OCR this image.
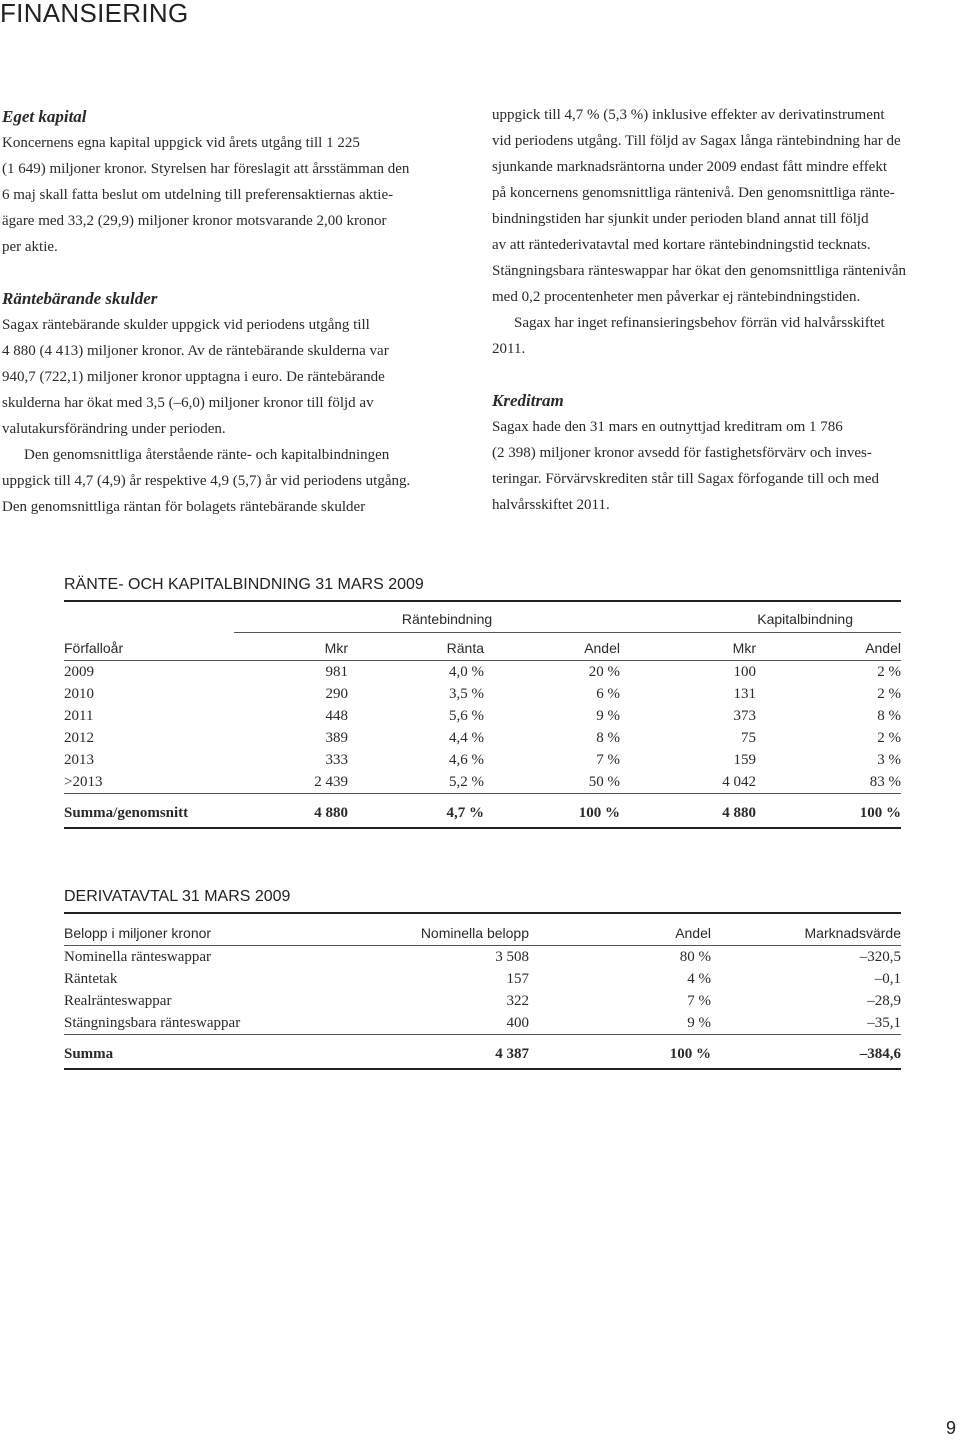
FINANSIERING
Eget kapital

Koncernens egna kapital uppgick vid årets utgång till 1 225

(1 649) miljoner kronor. Styrelsen har föreslagit att årsstämman den

6 maj skall fatta beslut om utdelning till preferensaktiernas aktie-

ägare med 33,2 (29,9) miljoner kronor motsvarande 2,00 kronor

per aktie.

Räntebärande skulder

Sagax räntebärande skulder uppgick vid periodens utgång till

4 880 (4 413) miljoner kronor. Av de räntebärande skulderna var

940,7 (722,1) miljoner kronor upptagna i euro. De räntebärande

skulderna har ökat med 3,5 (–6,0) miljoner kronor till följd av

valutakursförändring under perioden.

Den genomsnittliga återstående ränte- och kapitalbindningen

uppgick till 4,7 (4,9) år respektive 4,9 (5,7) år vid periodens utgång.

Den genomsnittliga räntan för bolagets räntebärande skulder

uppgick till 4,7 % (5,3 %) inklusive effekter av derivatinstrument

vid periodens utgång. Till följd av Sagax långa räntebindning har de

sjunkande marknadsräntorna under 2009 endast fått mindre effekt

på koncernens genomsnittliga räntenivå. Den genomsnittliga ränte-

bindningstiden har sjunkit under perioden bland annat till följd

av att räntederivatavtal med kortare räntebindningstid tecknats.

Stängningsbara ränteswappar har ökat den genomsnittliga räntenivån

med 0,2 procentenheter men påverkar ej räntebindningstiden.

Sagax har inget refinansieringsbehov förrän vid halvårsskiftet

2011.

Kreditram

Sagax hade den 31 mars en outnyttjad kreditram om 1 786

(2 398) miljoner kronor avsedd för fastighetsförvärv och inves-

teringar. Förvärvskrediten står till Sagax förfogande till och med

halvårsskiftet 2011.

RÄNTE- OCH KAPITALBINDNING 31 MARS 2009
	Räntebindning			Kapitalbindning	
Förfalloår	Mkr	Ränta	Andel	Mkr	Andel
2009	981	4,0 %	20 %	100	2 %
2010	290	3,5 %	6 %	131	2 %
2011	448	5,6 %	9 %	373	8 %
2012	389	4,4 %	8 %	75	2 %
2013	333	4,6 %	7 %	159	3 %
>2013	2 439	5,2 %	50 %	4 042	83 %
Summa/genomsnitt	4 880	4,7 %	100 %	4 880	100 %
DERIVATAVTAL 31 MARS 2009
Belopp i miljoner kronor	Nominella belopp	Andel	Marknadsvärde
Nominella ränteswappar	3 508	80 %	–320,5
Räntetak	157	4 %	–0,1
Realränteswappar	322	7 %	–28,9
Stängningsbara ränteswappar	400	9 %	–35,1
Summa	4 387	100 %	–384,6
9
